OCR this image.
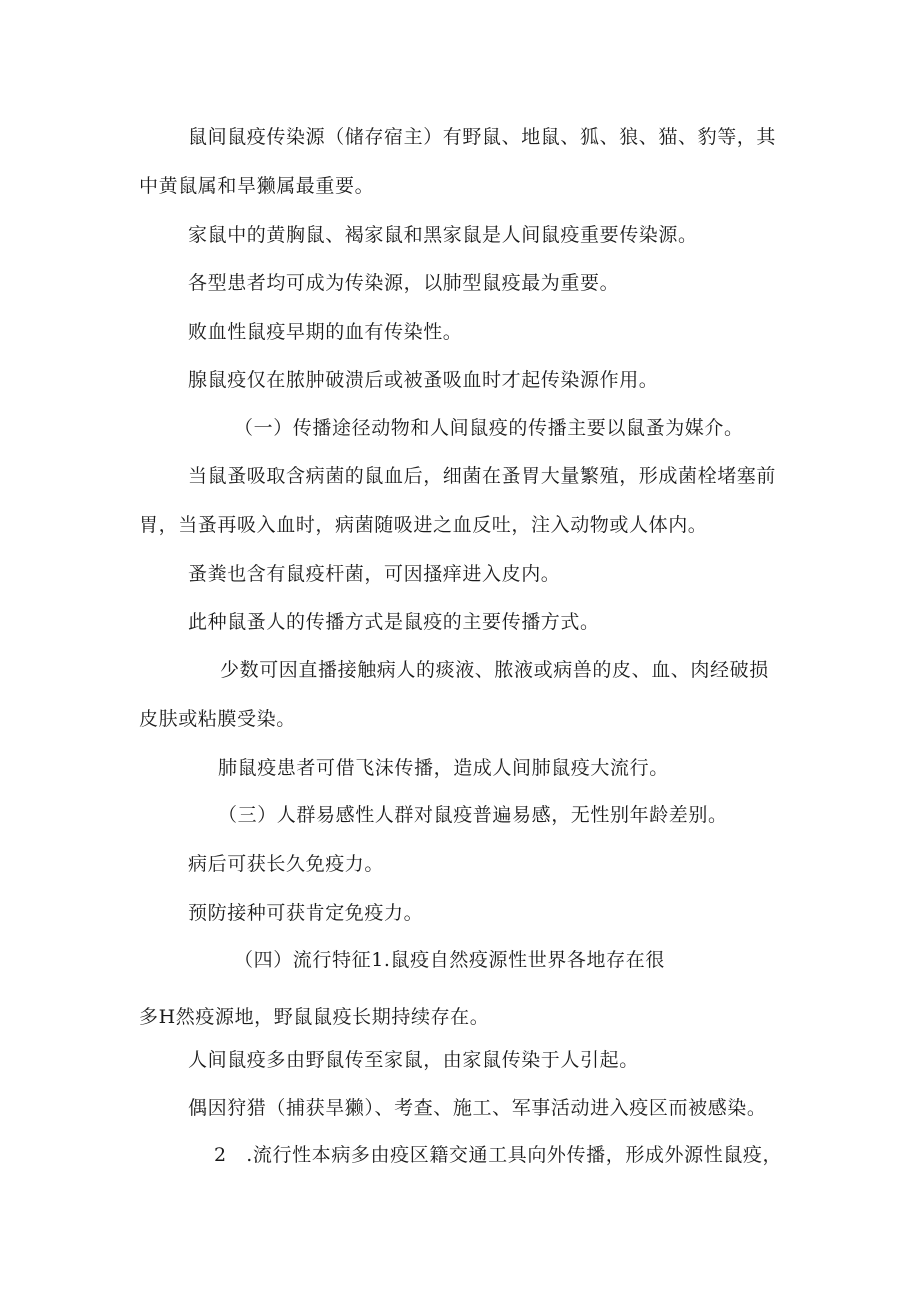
鼠间鼠疫传染源（储存宿主）有野鼠、地鼠、狐、狼、猫、豹等，其

中黄鼠属和旱獭属最重要。

家鼠中的黄胸鼠、褐家鼠和黑家鼠是人间鼠疫重要传染源。

各型患者均可成为传染源，以肺型鼠疫最为重要。

败血性鼠疫早期的血有传染性。

腺鼠疫仅在脓肿破溃后或被蚤吸血时才起传染源作用。

（一）传播途径动物和人间鼠疫的传播主要以鼠蚤为媒介。

当鼠蚤吸取含病菌的鼠血后，细菌在蚤胃大量繁殖，形成菌栓堵塞前

胃，当蚤再吸入血时，病菌随吸进之血反吐，注入动物或人体内。

蚤粪也含有鼠疫杆菌，可因搔痒进入皮内。

此种鼠蚤人的传播方式是鼠疫的主要传播方式。

少数可因直播接触病人的痰液、脓液或病兽的皮、血、肉经破损

皮肤或粘膜受染。

肺鼠疫患者可借飞沫传播，造成人间肺鼠疫大流行。

（三）人群易感性人群对鼠疫普遍易感，无性别年龄差别。

病后可获长久免疫力。

预防接种可获肯定免疫力。

（四）流行特征1.鼠疫自然疫源性世界各地存在很

多H然疫源地，野鼠鼠疫长期持续存在。

人间鼠疫多由野鼠传至家鼠，由家鼠传染于人引起。

偶因狩猎（捕获旱獭）、考查、施工、军事活动进入疫区而被感染。

2　.流行性本病多由疫区籍交通工具向外传播，形成外源性鼠疫，
